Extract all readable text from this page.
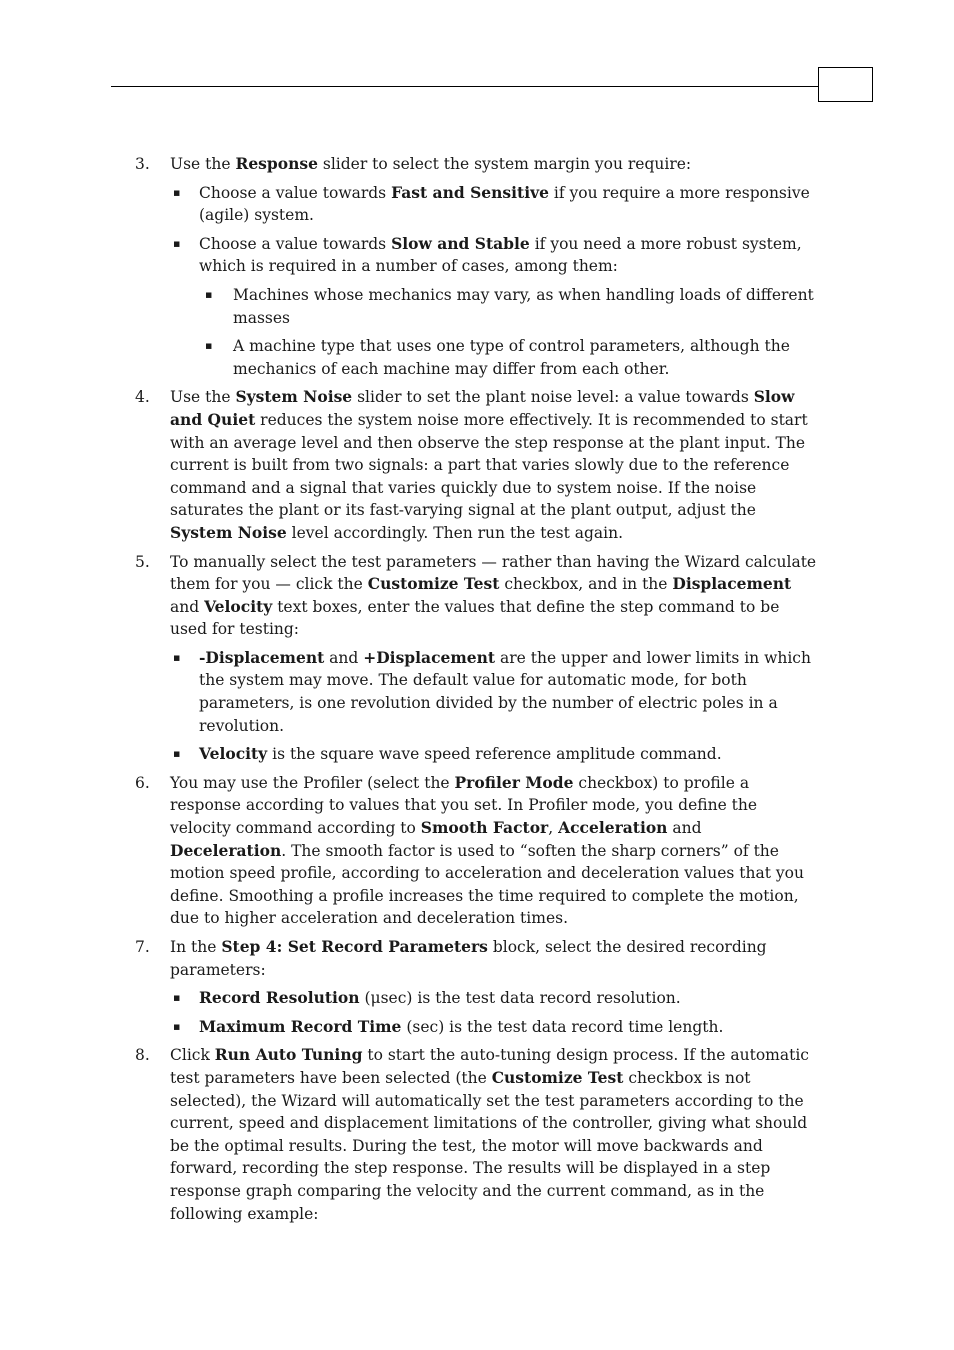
3. Use the Response slider to select the system margin you require:

▪ Choose a value towards Fast and Sensitive if you require a more responsive (agile) system.

▪ Choose a value towards Slow and Stable if you need a more robust system, which is required in a number of cases, among them:

▪ Machines whose mechanics may vary, as when handling loads of different masses

▪ A machine type that uses one type of control parameters, although the mechanics of each machine may differ from each other.

4. Use the System Noise slider to set the plant noise level: a value towards Slow and Quiet reduces the system noise more effectively. It is recommended to start with an average level and then observe the step response at the plant input. The current is built from two signals: a part that varies slowly due to the reference command and a signal that varies quickly due to system noise. If the noise saturates the plant or its fast-varying signal at the plant output, adjust the System Noise level accordingly. Then run the test again.

5. To manually select the test parameters — rather than having the Wizard calculate them for you — click the Customize Test checkbox, and in the Displacement and Velocity text boxes, enter the values that define the step command to be used for testing:

▪ -Displacement and +Displacement are the upper and lower limits in which the system may move. The default value for automatic mode, for both parameters, is one revolution divided by the number of electric poles in a revolution.

▪ Velocity is the square wave speed reference amplitude command.

6. You may use the Profiler (select the Profiler Mode checkbox) to profile a response according to values that you set. In Profiler mode, you define the velocity command according to Smooth Factor, Acceleration and Deceleration. The smooth factor is used to “soften the sharp corners” of the motion speed profile, according to acceleration and deceleration values that you define. Smoothing a profile increases the time required to complete the motion, due to higher acceleration and deceleration times.

7. In the Step 4: Set Record Parameters block, select the desired recording parameters:

▪ Record Resolution (μsec) is the test data record resolution.

▪ Maximum Record Time (sec) is the test data record time length.

8. Click Run Auto Tuning to start the auto-tuning design process. If the automatic test parameters have been selected (the Customize Test checkbox is not selected), the Wizard will automatically set the test parameters according to the current, speed and displacement limitations of the controller, giving what should be the optimal results. During the test, the motor will move backwards and forward, recording the step response. The results will be displayed in a step response graph comparing the velocity and the current command, as in the following example:
